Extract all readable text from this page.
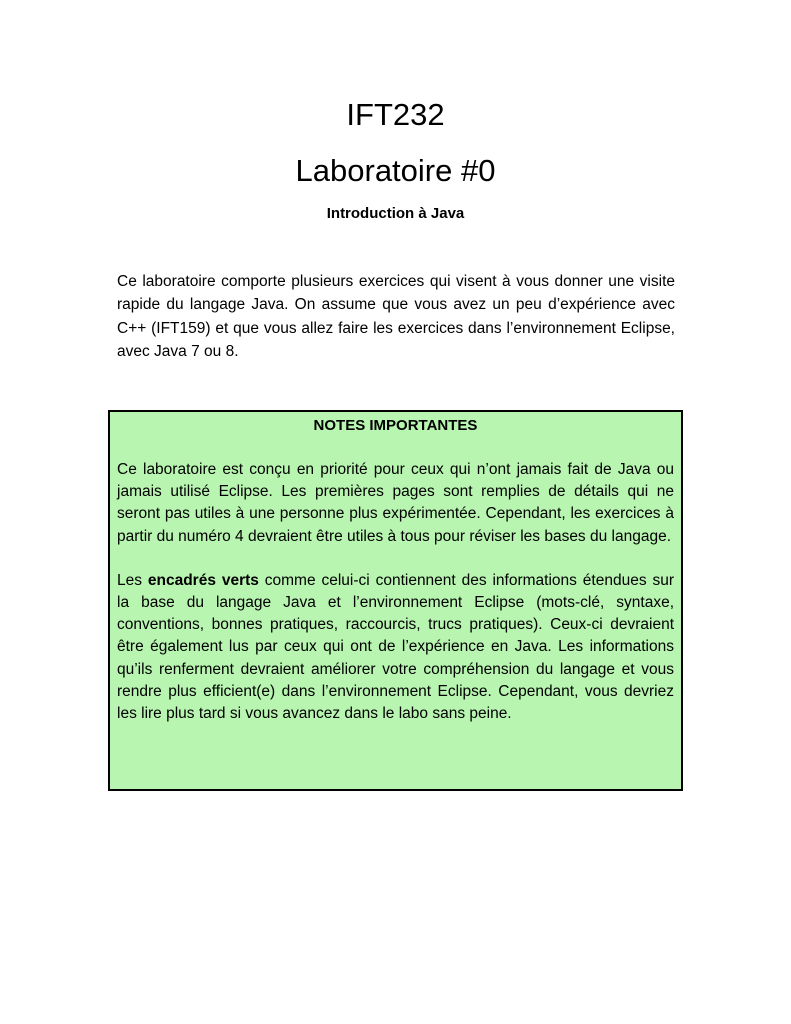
IFT232
Laboratoire #0
Introduction à Java
Ce laboratoire comporte plusieurs exercices qui visent à vous donner une visite rapide du langage Java. On assume que vous avez un peu d’expérience avec C++ (IFT159) et que vous allez faire les exercices dans l’environnement Eclipse, avec Java 7 ou 8.
NOTES IMPORTANTES

Ce laboratoire est conçu en priorité pour ceux qui n’ont jamais fait de Java ou jamais utilisé Eclipse. Les premières pages sont remplies de détails qui ne seront pas utiles à une personne plus expérimentée. Cependant, les exercices à partir du numéro 4 devraient être utiles à tous pour réviser les bases du langage.

Les encadrés verts comme celui-ci contiennent des informations étendues sur la base du langage Java et l’environnement Eclipse (mots-clé, syntaxe, conventions, bonnes pratiques, raccourcis, trucs pratiques). Ceux-ci devraient être également lus par ceux qui ont de l’expérience en Java. Les informations qu’ils renferment devraient améliorer votre compréhension du langage et vous rendre plus efficient(e) dans l’environnement Eclipse. Cependant, vous devriez les lire plus tard si vous avancez dans le labo sans peine.
